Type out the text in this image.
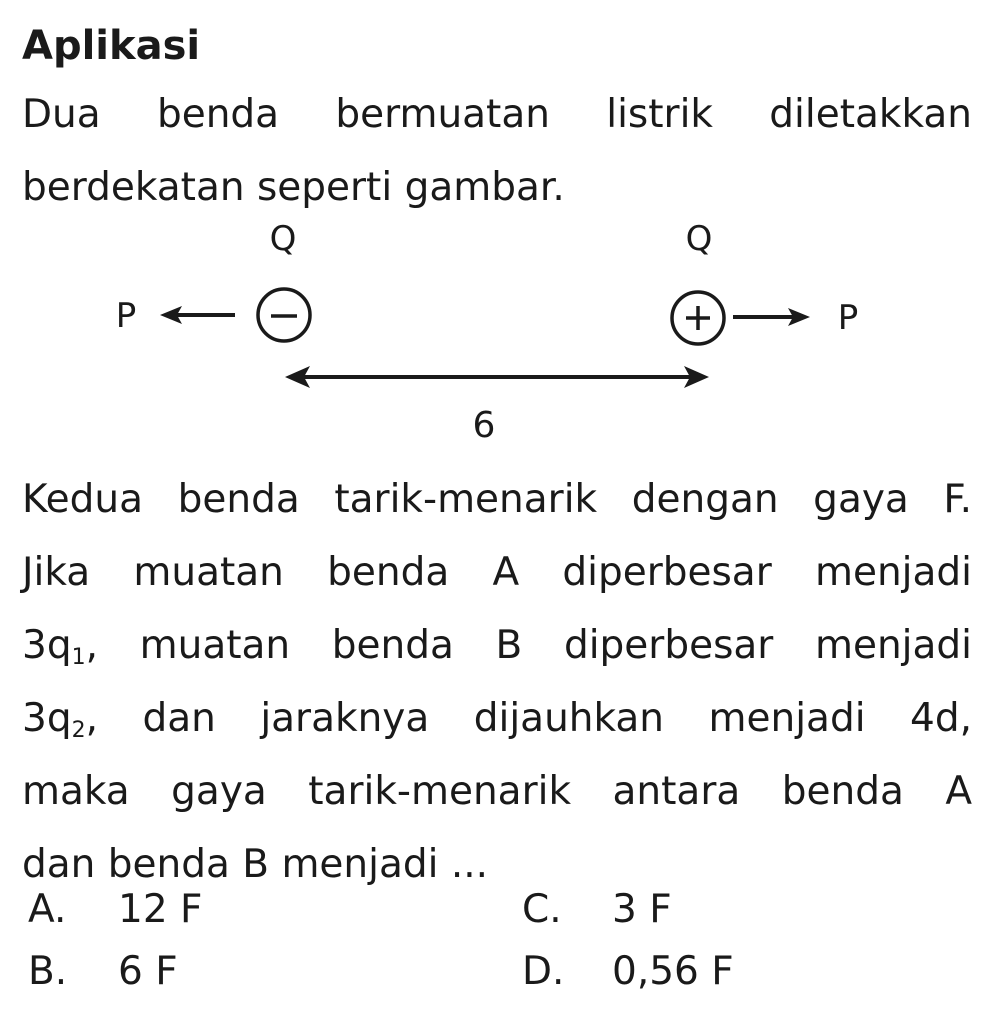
Aplikasi
Dua benda bermuatan listrik diletakkan
berdekatan seperti gambar.
Q	Q
P	P
6
Kedua benda tarik-menarik dengan gaya F.
Jika muatan benda A diperbesar menjadi
$3q_1$, muatan benda B diperbesar menjadi
$3q_2$, dan jaraknya dijauhkan menjadi 4d,
maka gaya tarik-menarik antara benda A
dan benda B menjadi ...
A. 12 F
B. 6 F
C. 3 F
D. 0,56 F
